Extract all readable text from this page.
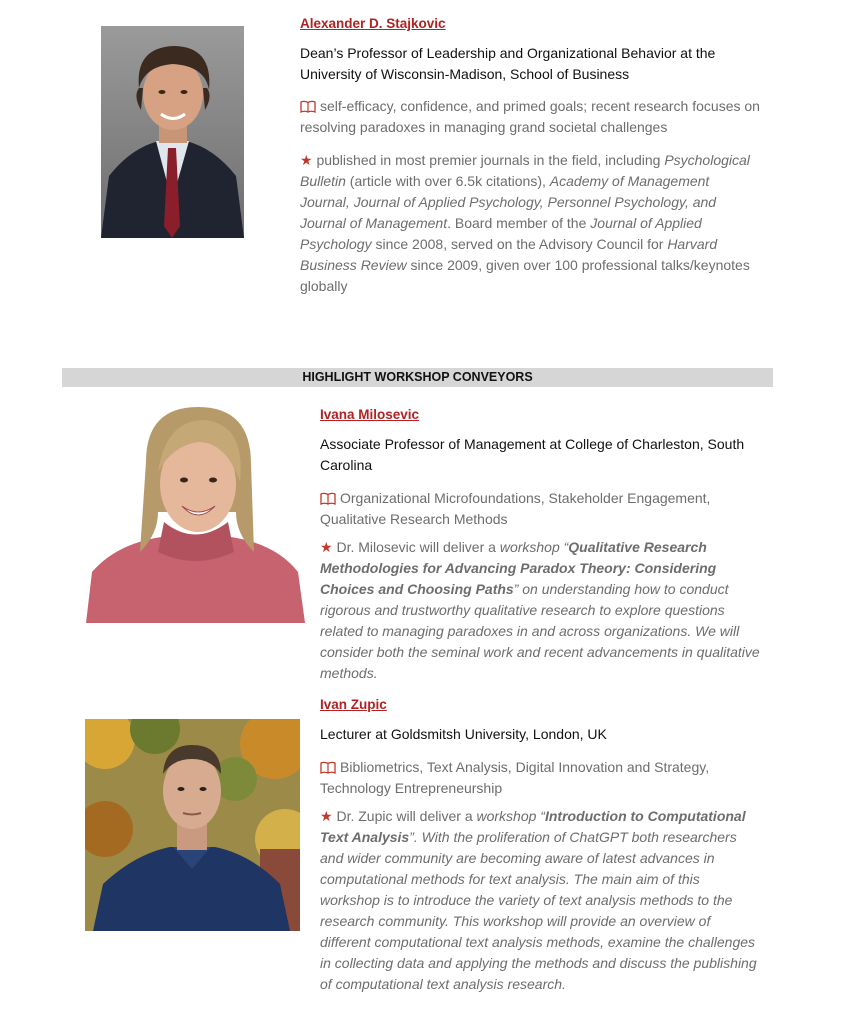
Alexander D. Stajkovic
Dean’s Professor of Leadership and Organizational Behavior at the University of Wisconsin-Madison, School of Business
self-efficacy, confidence, and primed goals; recent research focuses on resolving paradoxes in managing grand societal challenges
★ published in most premier journals in the field, including Psychological Bulletin (article with over 6.5k citations), Academy of Management Journal, Journal of Applied Psychology, Personnel Psychology, and Journal of Management. Board member of the Journal of Applied Psychology since 2008, served on the Advisory Council for Harvard Business Review since 2009, given over 100 professional talks/keynotes globally
HIGHLIGHT WORKSHOP CONVEYORS
Ivana Milosevic
Associate Professor of Management at College of Charleston, South Carolina
Organizational Microfoundations, Stakeholder Engagement, Qualitative Research Methods
★ Dr. Milosevic will deliver a workshop “Qualitative Research Methodologies for Advancing Paradox Theory: Considering Choices and Choosing Paths” on understanding how to conduct rigorous and trustworthy qualitative research to explore questions related to managing paradoxes in and across organizations. We will consider both the seminal work and recent advancements in qualitative methods.
Ivan Zupic
Lecturer at Goldsmitsh University, London, UK
Bibliometrics, Text Analysis, Digital Innovation and Strategy, Technology Entrepreneurship
★ Dr. Zupic will deliver a workshop “Introduction to Computational Text Analysis”. With the proliferation of ChatGPT both researchers and wider community are becoming aware of latest advances in computational methods for text analysis. The main aim of this workshop is to introduce the variety of text analysis methods to the research community. This workshop will provide an overview of different computational text analysis methods, examine the challenges in collecting data and applying the methods and discuss the publishing of computational text analysis research.
